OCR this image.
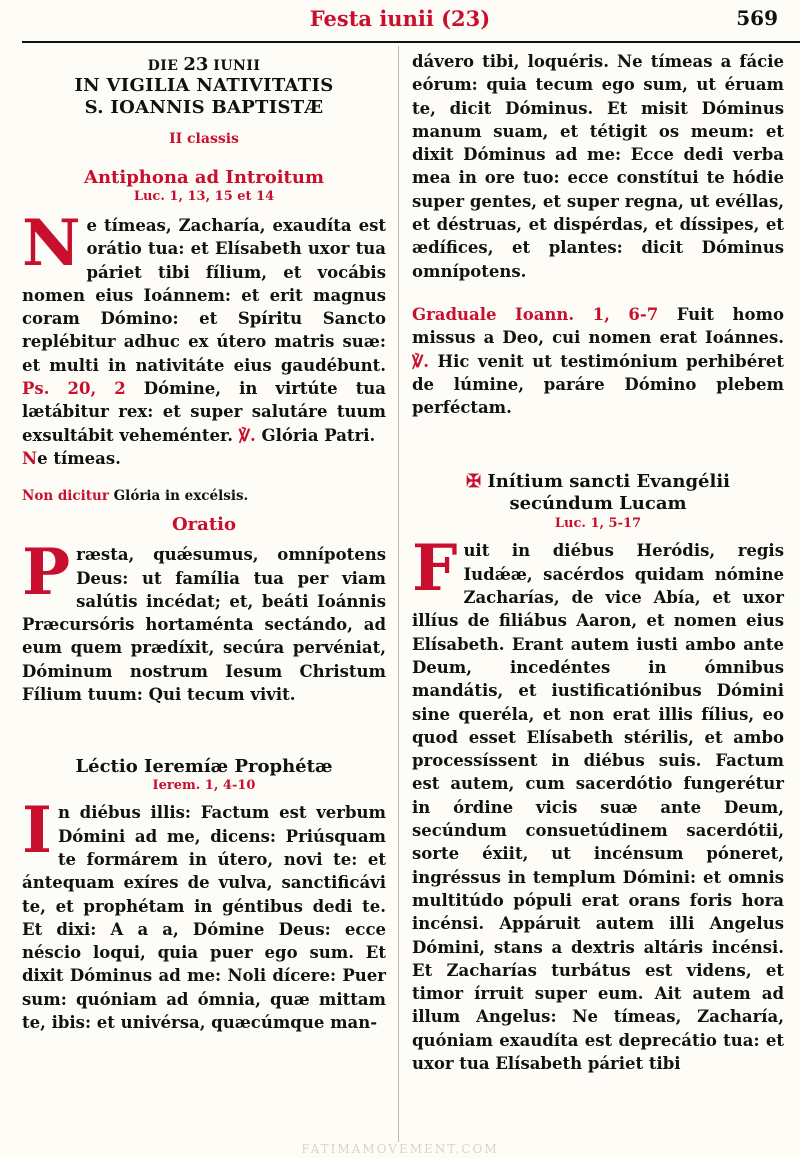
Festa iunii (23)	569
DIE 23 IUNII
IN VIGILIA NATIVITATIS
S. IOANNIS BAPTISTÆ
II classis
Antiphona ad Introitum
Luc. 1, 13, 15 et 14
N e tímeas, Zacharía, exaudíta est orátio tua: et Elísabeth uxor tua páriet tibi fílium, et vocábis nomen eius Ioánnem: et erit magnus coram Dómino: et Spíritu Sancto replébitur adhuc ex útero matris suæ: et multi in nativitáte eius gaudébunt. Ps. 20, 2 Dómine, in virtúte tua lætábitur rex: et super salutáre tuum exsultábit veheménter. ℣. Glória Patri.
Ne tímeas.
Non dicitur Glória in excélsis.
Oratio
P ræsta, quǽsumus, omnípotens Deus: ut família tua per viam salútis incédat; et, beáti Ioánnis Præcursóris hortaménta sectándo, ad eum quem prædíxit, secúra pervéniat, Dóminum nostrum Iesum Christum Fílium tuum: Qui tecum vivit.
Léctio Ieremíæ Prophétæ
Ierem. 1, 4-10
I n diébus illis: Factum est verbum Dómini ad me, dicens: Priúsquam te formárem in útero, novi te: et ántequam exíres de vulva, sanctificávi te, et prophétam in géntibus dedi te. Et dixi: A a a, Dómine Deus: ecce néscio loqui, quia puer ego sum. Et dixit Dóminus ad me: Noli dícere: Puer sum: quóniam ad ómnia, quæ mittam te, ibis: et univérsa, quæcúmque man-
dávero tibi, loquéris. Ne tímeas a fácie eórum: quia tecum ego sum, ut éruam te, dicit Dóminus. Et misit Dóminus manum suam, et tétigit os meum: et dixit Dóminus ad me: Ecce dedi verba mea in ore tuo: ecce constítui te hódie super gentes, et super regna, ut evéllas, et déstruas, et dispérdas, et díssipes, et ædífices, et plantes: dicit Dóminus omnípotens.
Graduale Ioann. 1, 6-7 Fuit homo missus a Deo, cui nomen erat Ioánnes. ℣. Hic venit ut testimónium perhibéret de lúmine, paráre Dómino plebem perféctam.
✠ Inítium sancti Evangélii secúndum Lucam
Luc. 1, 5-17
F uit in diébus Heródis, regis Iudǽæ, sacérdos quidam nómine Zacharías, de vice Abía, et uxor illíus de filiábus Aaron, et nomen eius Elísabeth. Erant autem iusti ambo ante Deum, incedéntes in ómnibus mandátis, et iustificatiónibus Dómini sine queréla, et non erat illis fílius, eo quod esset Elísabeth stérilis, et ambo processíssent in diébus suis. Factum est autem, cum sacerdótio fungerétur in órdine vicis suæ ante Deum, secúndum consuetúdinem sacerdótii, sorte éxiit, ut incénsum póneret, ingréssus in templum Dómini: et omnis multitúdo pópuli erat orans foris hora incénsi. Appáruit autem illi Angelus Dómini, stans a dextris altáris incénsi. Et Zacharías turbátus est videns, et timor írruit super eum. Ait autem ad illum Angelus: Ne tímeas, Zacharía, quóniam exaudíta est deprecátio tua: et uxor tua Elísabeth páriet tibi
FATIMAMOVEMENT.COM
